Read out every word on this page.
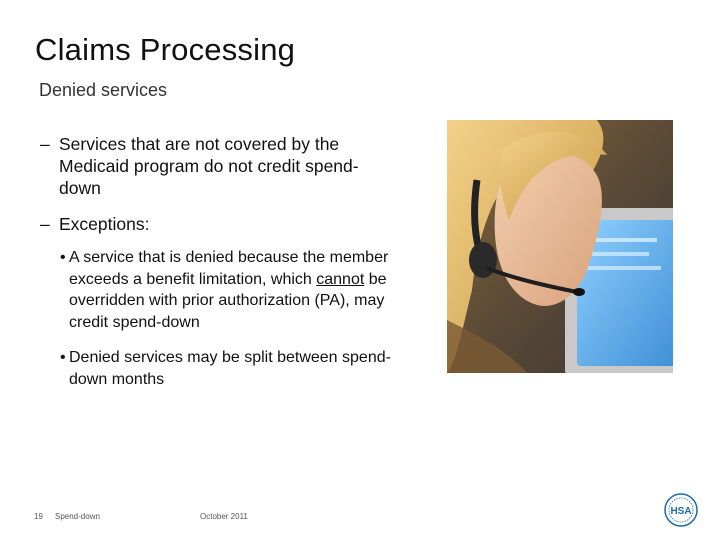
Claims Processing
Denied services
– Services that are not covered by the Medicaid program do not credit spend-down
– Exceptions:
• A service that is denied because the member exceeds a benefit limitation, which cannot be overridden with prior authorization (PA), may credit spend-down
• Denied services may be split between spend-down months
19 Spend-down	October 2011	HSA
